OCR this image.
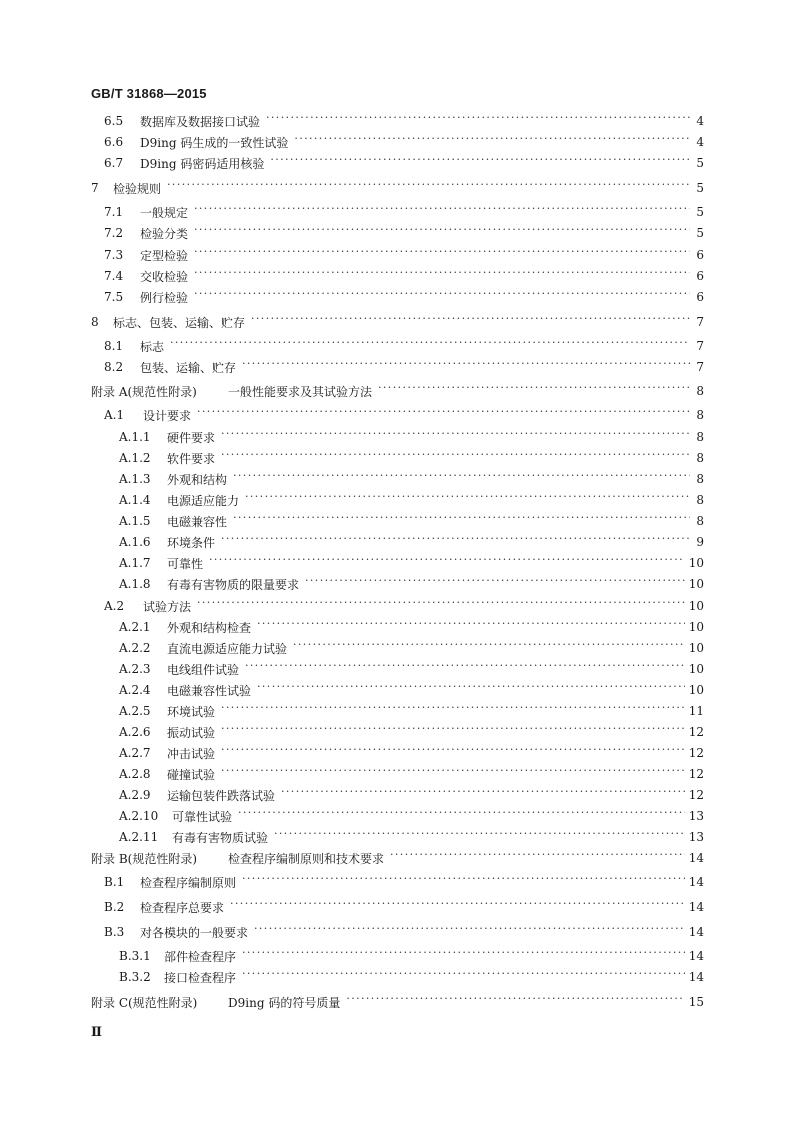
GB/T 31868—2015
6.5	数据库及数据接口试验 ·····	4
6.6	D9ing 码生成的一致性试验 ·····	4
6.7	D9ing 码密码适用核验 ·····	5
7	检验规则 ·····	5
7.1	一般规定 ·····	5
7.2	检验分类 ·····	5
7.3	定型检验 ·····	6
7.4	交收检验 ·····	6
7.5	例行检验 ·····	6
8	标志、包装、运输、贮存 ·····	7
8.1	标志 ·····	7
8.2	包装、运输、贮存 ·····	7
附录 A(规范性附录)	一般性能要求及其试验方法 ·····	8
A.1	设计要求 ·····	8
A.1.1	硬件要求 ·····	8
A.1.2	软件要求 ·····	8
A.1.3	外观和结构 ·····	8
A.1.4	电源适应能力 ·····	8
A.1.5	电磁兼容性 ·····	8
A.1.6	环境条件 ·····	9
A.1.7	可靠性 ·····	10
A.1.8	有毒有害物质的限量要求 ·····	10
A.2	试验方法 ·····	10
A.2.1	外观和结构检查 ·····	10
A.2.2	直流电源适应能力试验 ·····	10
A.2.3	电线组件试验 ·····	10
A.2.4	电磁兼容性试验 ·····	10
A.2.5	环境试验 ·····	11
A.2.6	振动试验 ·····	12
A.2.7	冲击试验 ·····	12
A.2.8	碰撞试验 ·····	12
A.2.9	运输包装件跌落试验 ·····	12
A.2.10	可靠性试验 ·····	13
A.2.11	有毒有害物质试验 ·····	13
附录 B(规范性附录)	检查程序编制原则和技术要求 ·····	14
B.1	检查程序编制原则 ·····	14
B.2	检查程序总要求 ·····	14
B.3	对各模块的一般要求 ·····	14
B.3.1	部件检查程序 ·····	14
B.3.2	接口检查程序 ·····	14
附录 C(规范性附录)	D9ing 码的符号质量 ·····	15
Ⅱ
